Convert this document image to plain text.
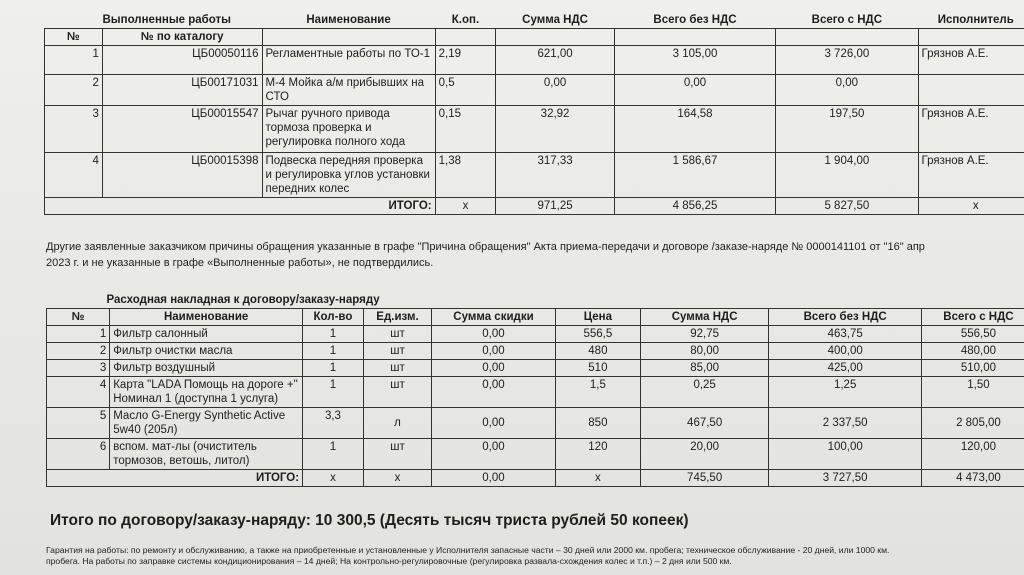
Выполненные работы		Наименование	К.оп.	Сумма НДС	Всего без НДС	Всего с НДС	Исполнитель
№	№ по каталогу						
1	ЦБ00050116	Регламентные работы по ТО-1	2,19	621,00	3 105,00	3 726,00	Грязнов А.Е.
2	ЦБ00171031	М-4 Мойка а/м прибывших на СТО	0,5	0,00	0,00	0,00	
3	ЦБ00015547	Рычаг ручного привода тормоза проверка и регулировка полного хода	0,15	32,92	164,58	197,50	Грязнов А.Е.
4	ЦБ00015398	Подвеска передняя проверка и регулировка углов установки передних колес	1,38	317,33	1 586,67	1 904,00	Грязнов А.Е.
ИТОГО:			х	971,25	4 856,25	5 827,50	х
Другие заявленные заказчиком причины обращения указанные в графе "Причина обращения" Акта приема-передачи и договоре /заказе-наряде № 0000141101 от "16" апр
2023 г. и не указанные в графе «Выполненные работы», не подтвердились.
Расходная накладная к договору/заказу-наряду								
№	Наименование	Кол-во	Ед.изм.	Сумма скидки	Цена	Сумма НДС	Всего без НДС	Всего с НДС
1	Фильтр салонный	1	шт	0,00	556,5	92,75	463,75	556,50
2	Фильтр очистки масла	1	шт	0,00	480	80,00	400,00	480,00
3	Фильтр воздушный	1	шт	0,00	510	85,00	425,00	510,00
4	Карта "LADA Помощь на дороге +" Номинал 1 (доступна 1 услуга)	1	шт	0,00	1,5	0,25	1,25	1,50
5	Масло G-Energy Synthetic Active 5w40 (205л)	3,3	л	0,00	850	467,50	2 337,50	2 805,00
6	вспом. мат-лы (очиститель тормозов, ветошь, литол)	1	шт	0,00	120	20,00	100,00	120,00
ИТОГО:		х	х	0,00	х	745,50	3 727,50	4 473,00
Итого по договору/заказу-наряду: 10 300,5 (Десять тысяч триста рублей 50 копеек)
Гарантия на работы: по ремонту и обслуживанию, а также на приобретенные и установленные у Исполнителя запасные части – 30 дней или 2000 км. пробега; техническое обслуживание - 20 дней, или 1000 км.
пробега. На работы по заправке системы кондиционирования – 14 дней; На контрольно-регулировочные (регулировка развала-схождения колес и т.п.) – 2 дня или 500 км.
